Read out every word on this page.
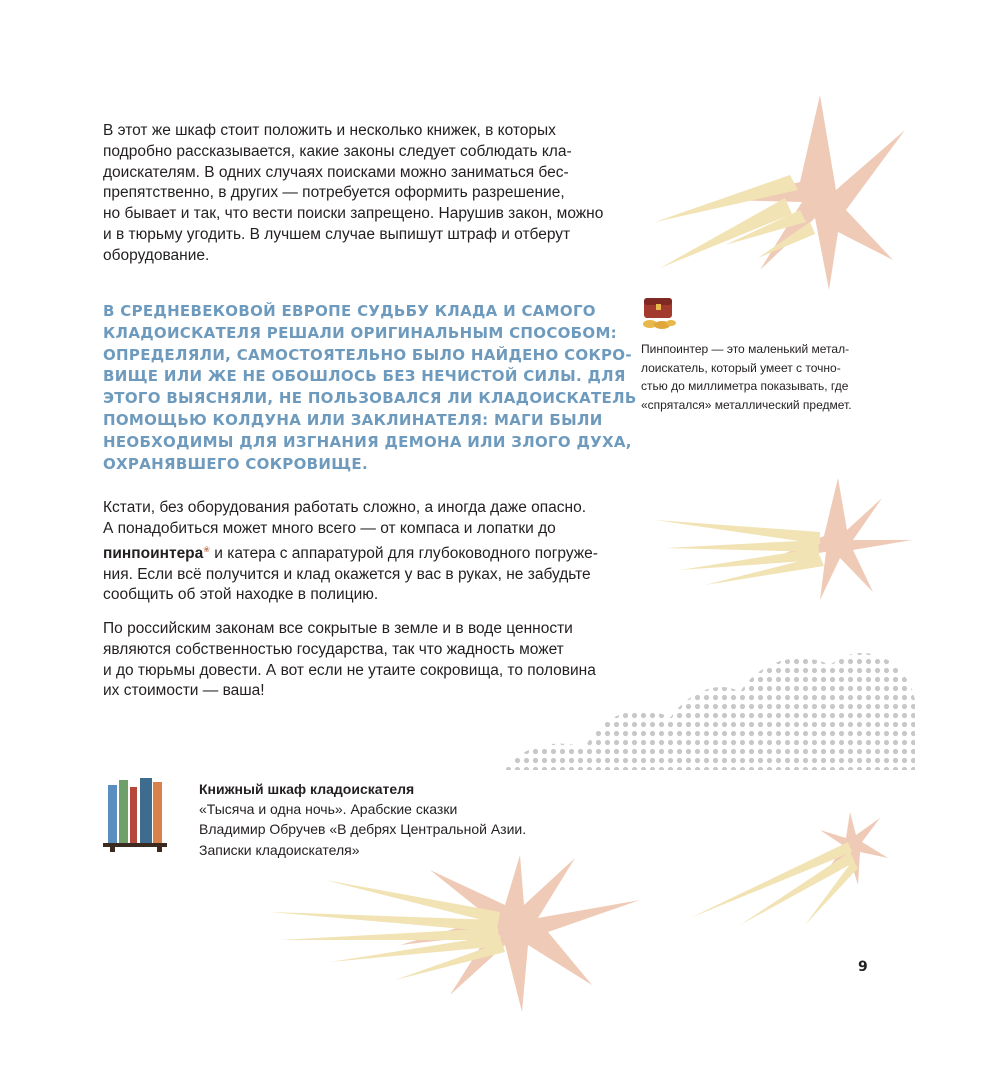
В этот же шкаф стоит положить и несколько книжек, в которых
подробно рассказывается, какие законы следует соблюдать кла-
доискателям. В одних случаях поисками можно заниматься бес-
препятственно, в других — потребуется оформить разрешение,
но бывает и так, что вести поиски запрещено. Нарушив закон, можно
и в тюрьму угодить. В лучшем случае выпишут штраф и отберут
оборудование.
В СРЕДНЕВЕКОВОЙ ЕВРОПЕ СУДЬБУ КЛАДА И САМОГО
КЛАДОИСКАТЕЛЯ РЕШАЛИ ОРИГИНАЛЬНЫМ СПОСОБОМ:
ОПРЕДЕЛЯЛИ, САМОСТОЯТЕЛЬНО БЫЛО НАЙДЕНО СОКРО-
ВИЩЕ ИЛИ ЖЕ НЕ ОБОШЛОСЬ БЕЗ НЕЧИСТОЙ СИЛЫ. ДЛЯ
ЭТОГО ВЫЯСНЯЛИ, НЕ ПОЛЬЗОВАЛСЯ ЛИ КЛАДОИСКАТЕЛЬ
ПОМОЩЬЮ КОЛДУНА ИЛИ ЗАКЛИНАТЕЛЯ: МАГИ БЫЛИ
НЕОБХОДИМЫ ДЛЯ ИЗГНАНИЯ ДЕМОНА ИЛИ ЗЛОГО ДУХА,
ОХРАНЯВШЕГО СОКРОВИЩЕ.
Пинпоинтер — это маленький метал-
лоискатель, который умеет с точно-
стью до миллиметра показывать, где
«спрятался» металлический предмет.
Кстати, без оборудования работать сложно, а иногда даже опасно.
А понадобиться может много всего — от компаса и лопатки до
пинпоинтера❀ и катера с аппаратурой для глубоководного погруже-
ния. Если всё получится и клад окажется у вас в руках, не забудьте
сообщить об этой находке в полицию.
По российским законам все сокрытые в земле и в воде ценности
являются собственностью государства, так что жадность может
и до тюрьмы довести. А вот если не утаите сокровища, то половина
их стоимости — ваша!
Книжный шкаф кладоискателя
«Тысяча и одна ночь». Арабские сказки
Владимир Обручев «В дебрях Центральной Азии.
Записки кладоискателя»
9
